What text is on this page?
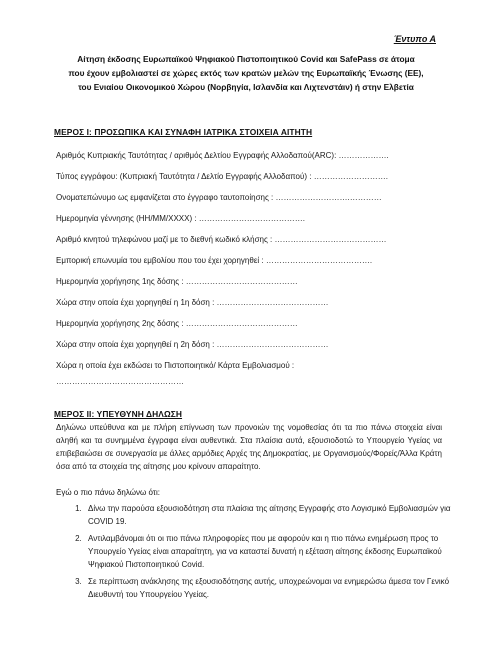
Έντυπο Α
Αίτηση έκδοσης Ευρωπαϊκού Ψηφιακού Πιστοποιητικού Covid και SafePass σε άτομα
που έχουν εμβολιαστεί σε χώρες εκτός των κρατών μελών της Ευρωπαϊκής Ένωσης (ΕΕ),
του Ενιαίου Οικονομικού Χώρου (Νορβηγία, Ισλανδία και Λιχτενστάιν) ή στην Ελβετία
ΜΕΡΟΣ Ι: ΠΡΟΣΩΠΙΚΑ ΚΑΙ ΣΥΝΑΦΗ ΙΑΤΡΙΚΑ ΣΤΟΙΧΕΙΑ ΑΙΤΗΤΗ
Αριθμός Κυπριακής Ταυτότητας / αριθμός Δελτίου Εγγραφής Αλλοδαπού(ARC): ……………….
Τύπος εγγράφου: (Κυπριακή Ταυτότητα / Δελτίο Εγγραφής Αλλοδαπού) : ……………………….
Ονοματεπώνυμο ως εμφανίζεται στο έγγραφο ταυτοποίησης : ……………………….…………
Ημερομηνία γέννησης (ΗΗ/ΜΜ/ΧΧΧΧ) : ………………………………….
Αριθμό κινητού τηλεφώνου μαζί με το διεθνή κωδικό κλήσης : ……………………………………
Εμπορική επωνυμία του εμβολίου που του έχει χορηγηθεί : ………………………………….
Ημερομηνία χορήγησης 1ης δόσης : ……………………………………
Χώρα στην οποία έχει χορηγηθεί η 1η δόση : ……………………………………
Ημερομηνία χορήγησης 2ης δόσης : ……………………………………
Χώρα στην οποία έχει χορηγηθεί η 2η δόση : ……………………………………
Χώρα η οποία έχει εκδώσει το Πιστοποιητικό/ Κάρτα Εμβολιασμού :
…………………………………………
ΜΕΡΟΣ ΙΙ: ΥΠΕΥΘΥΝΗ ΔΗΛΩΣΗ
Δηλώνω υπεύθυνα και με πλήρη επίγνωση των προνοιών της νομοθεσίας ότι τα πιο πάνω στοιχεία είναι αληθή και τα συνημμένα έγγραφα είναι αυθεντικά. Στα πλαίσια αυτά, εξουσιοδοτώ το Υπουργείο Υγείας να επιβεβαιώσει σε συνεργασία με άλλες αρμόδιες Αρχές της Δημοκρατίας, με Οργανισμούς/Φορείς/Άλλα Κράτη όσα από τα στοιχεία της αίτησης μου κρίνουν απαραίτητο.
Εγώ ο πιο πάνω δηλώνω ότι:
1. Δίνω την παρούσα εξουσιοδότηση στα πλαίσια της αίτησης Εγγραφής στο Λογισμικό Εμβολιασμών για COVID 19.
2. Αντιλαμβάνομαι ότι οι πιο πάνω πληροφορίες που με αφορούν και η πιο πάνω ενημέρωση προς το Υπουργείο Υγείας είναι απαραίτητη, για να καταστεί δυνατή η εξέταση αίτησης έκδοσης Ευρωπαϊκού Ψηφιακού Πιστοποιητικού Covid.
3. Σε περίπτωση ανάκλησης της εξουσιοδότησης αυτής, υποχρεώνομαι να ενημερώσω άμεσα τον Γενικό Διευθυντή του Υπουργείου Υγείας.
